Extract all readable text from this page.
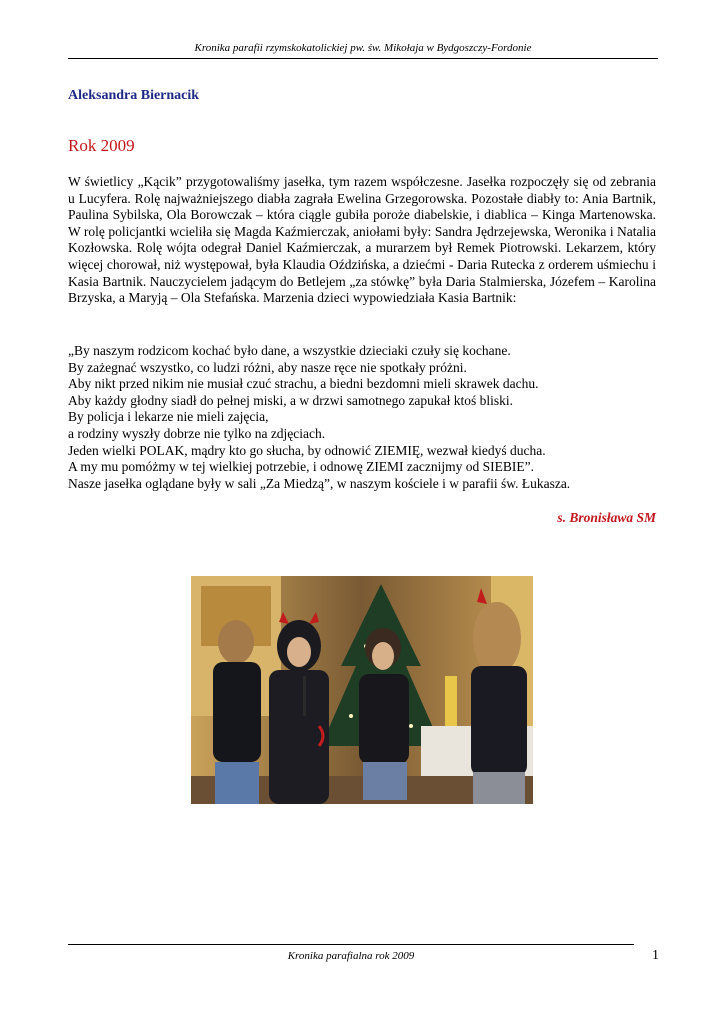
Kronika parafii rzymskokatolickiej pw. św. Mikołaja w Bydgoszczy-Fordonie
Aleksandra Biernacik
Rok 2009
W świetlicy „Kącik” przygotowaliśmy jasełka, tym razem współczesne. Jasełka rozpoczęły się od zebrania u Lucyfera. Rolę najważniejszego diabła zagrała Ewelina Grzegorowska. Pozostałe diabły to: Ania Bartnik, Paulina Sybilska, Ola Borowczak – która ciągle gubiła poroże diabelskie, i diablica – Kinga Martenowska. W rolę policjantki wcieliła się Magda Kaźmierczak, aniołami były: Sandra Jędrzejewska, Weronika i Natalia Kozłowska. Rolę wójta odegrał Daniel Kaźmierczak, a murarzem był Remek Piotrowski. Lekarzem, który więcej chorował, niż występował, była Klaudia Oździńska, a dziećmi - Daria Rutecka z orderem uśmiechu i Kasia Bartnik. Nauczycielem jadącym do Betlejem „za stówkę” była Daria Stalmierska, Józefem – Karolina Brzyska, a Maryją – Ola Stefańska. Marzenia dzieci wypowiedziała Kasia Bartnik:
„By naszym rodzicom kochać było dane, a wszystkie dzieciaki czuły się kochane.
By zażegnać wszystko, co ludzi różni, aby nasze ręce nie spotkały próżni.
Aby nikt przed nikim nie musiał czuć strachu, a biedni bezdomni mieli skrawek dachu.
Aby każdy głodny siadł do pełnej miski, a w drzwi samotnego zapukał ktoś bliski.
By policja i lekarze nie mieli zajęcia,
a rodziny wyszły dobrze nie tylko na zdjęciach.
Jeden wielki POLAK, mądry kto go słucha, by odnowić ZIEMIĘ, wezwał kiedyś ducha.
A my mu pomóżmy w tej wielkiej potrzebie, i odnowę ZIEMI zacznijmy od SIEBIE”.
Nasze jasełka oglądane były w sali „Za Miedzą”, w naszym kościele i w parafii św. Łukasza.
s. Bronisława SM
Kronika parafialna rok 2009	1
